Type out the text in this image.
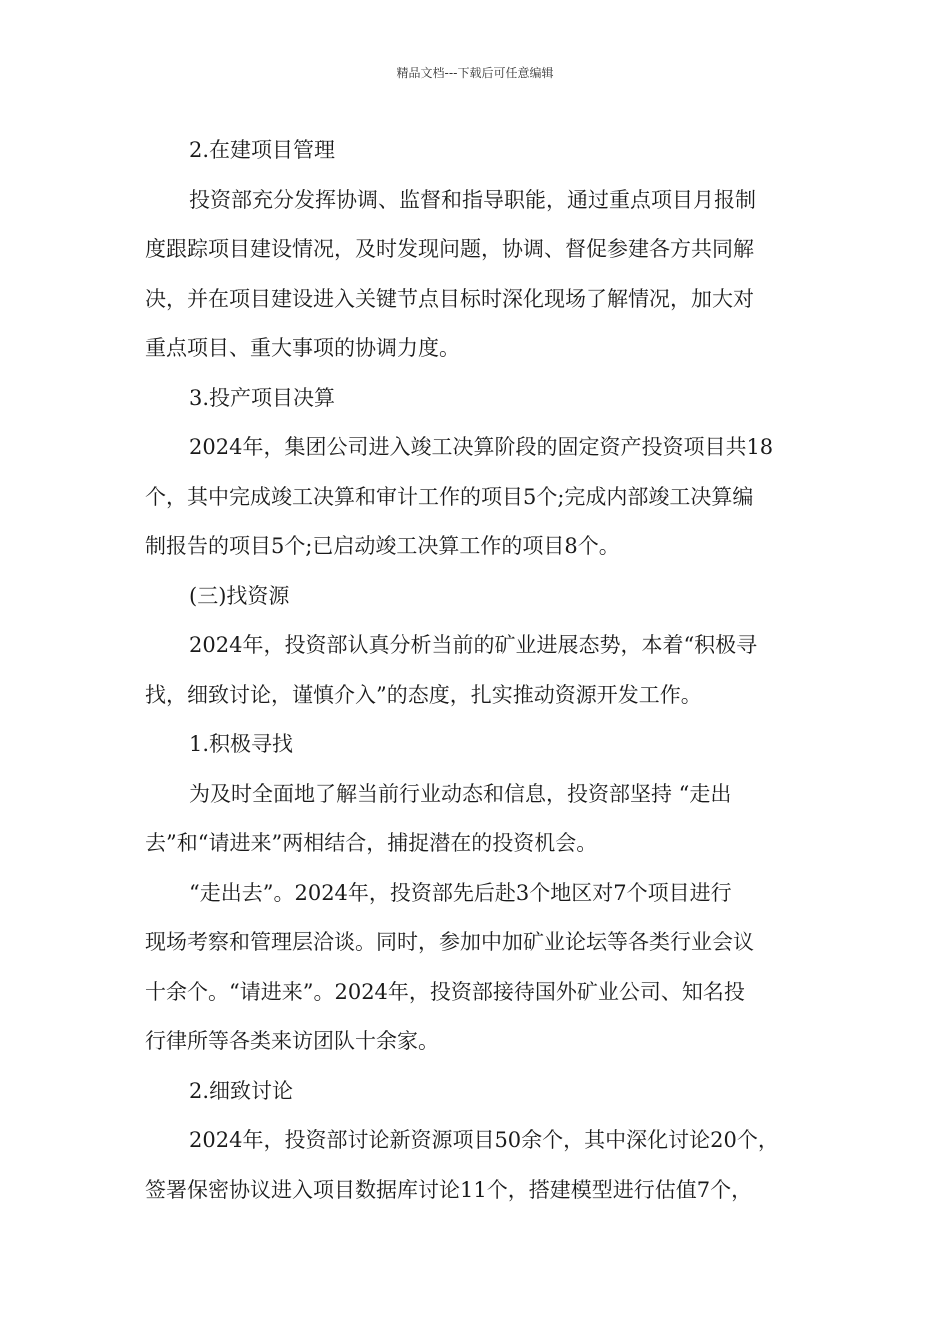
精品文档---下载后可任意编辑
2.在建项目管理
投资部充分发挥协调、监督和指导职能，通过重点项目月报制
度跟踪项目建设情况，及时发现问题，协调、督促参建各方共同解
决，并在项目建设进入关键节点目标时深化现场了解情况，加大对
重点项目、重大事项的协调力度。
3.投产项目决算
2024年，集团公司进入竣工决算阶段的固定资产投资项目共18
个，其中完成竣工决算和审计工作的项目5个;完成内部竣工决算编
制报告的项目5个;已启动竣工决算工作的项目8个。
(三)找资源
2024年，投资部认真分析当前的矿业进展态势，本着“积极寻
找，细致讨论，谨慎介入”的态度，扎实推动资源开发工作。
1.积极寻找
为及时全面地了解当前行业动态和信息，投资部坚持 “走出
去”和“请进来”两相结合，捕捉潜在的投资机会。
“走出去”。2024年，投资部先后赴3个地区对7个项目进行
现场考察和管理层洽谈。同时，参加中加矿业论坛等各类行业会议
十余个。“请进来”。2024年，投资部接待国外矿业公司、知名投
行律所等各类来访团队十余家。
2.细致讨论
2024年，投资部讨论新资源项目50余个，其中深化讨论20个，
签署保密协议进入项目数据库讨论11个，搭建模型进行估值7个，
